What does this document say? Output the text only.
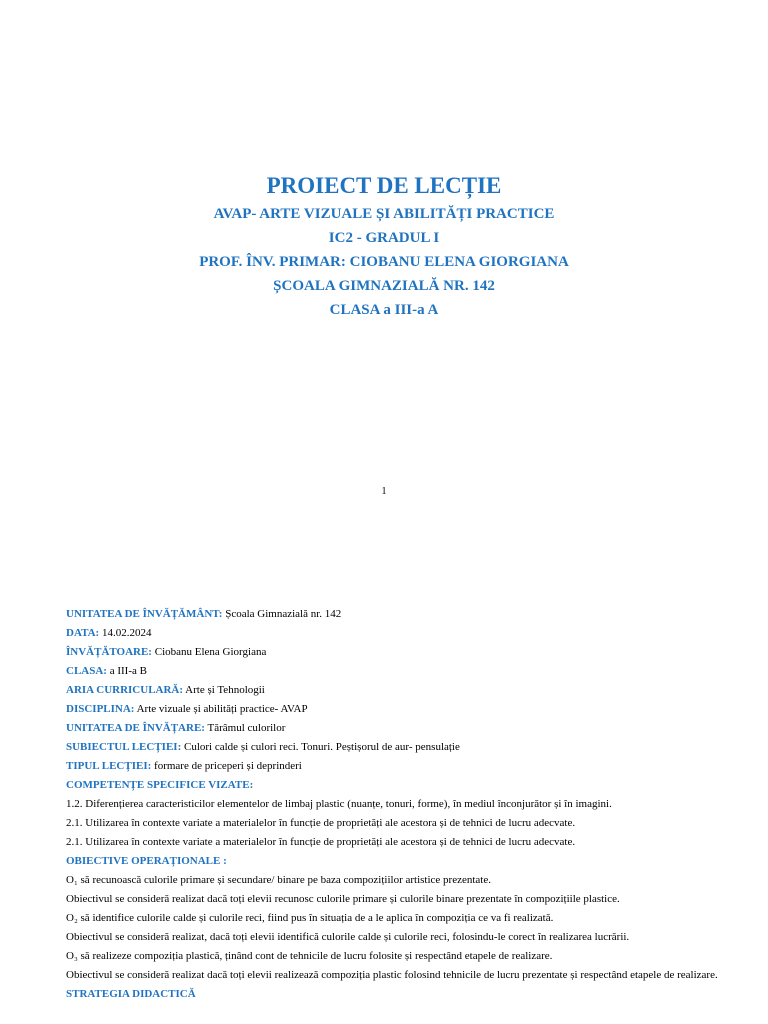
PROIECT DE LECȚIE
AVAP- ARTE VIZUALE ȘI ABILITĂȚI PRACTICE
IC2 - GRADUL I
PROF. ÎNV. PRIMAR: CIOBANU ELENA GIORGIANA
ȘCOALA GIMNAZIALĂ NR. 142
CLASA a III-a A
1
UNITATEA DE ÎNVĂȚĂMÂNT: Școala Gimnazială nr. 142
DATA: 14.02.2024
ÎNVĂȚĂTOARE: Ciobanu Elena Giorgiana
CLASA: a III-a B
ARIA CURRICULARĂ: Arte și Tehnologii
DISCIPLINA: Arte vizuale și abilități practice- AVAP
UNITATEA DE ÎNVĂȚARE: Tărâmul culorilor
SUBIECTUL LECȚIEI: Culori calde și culori reci. Tonuri. Peștișorul de aur- pensulație
TIPUL LECȚIEI: formare de priceperi și deprinderi
COMPETENȚE SPECIFICE VIZATE:
1.2. Diferențierea caracteristicilor elementelor de limbaj plastic (nuanțe, tonuri, forme), în mediul înconjurător și în imagini.
2.1. Utilizarea în contexte variate a materialelor în funcție de proprietăți ale acestora și de tehnici de lucru adecvate.
2.1. Utilizarea în contexte variate a materialelor în funcție de proprietăți ale acestora și de tehnici de lucru adecvate.
OBIECTIVE OPERAȚIONALE :
O₁ să recunoască culorile primare și secundare/ binare pe baza compozițiilor artistice prezentate.
Obiectivul se consideră realizat dacă toți elevii recunosc culorile primare și culorile binare prezentate în compozițiile plastice.
O₂ să identifice culorile calde și culorile reci, fiind pus în situația de a le aplica în compoziția ce va fi realizată.
Obiectivul se consideră realizat, dacă toți elevii identifică culorile calde și culorile reci, folosindu-le corect în realizarea lucrării.
O₃ să realizeze compoziția plastică, ținând cont de tehnicile de lucru folosite și respectând etapele de realizare.
Obiectivul se consideră realizat dacă toți elevii realizează compoziția plastic folosind tehnicile de lucru prezentate și respectând etapele de realizare.
STRATEGIA DIDACTICĂ
